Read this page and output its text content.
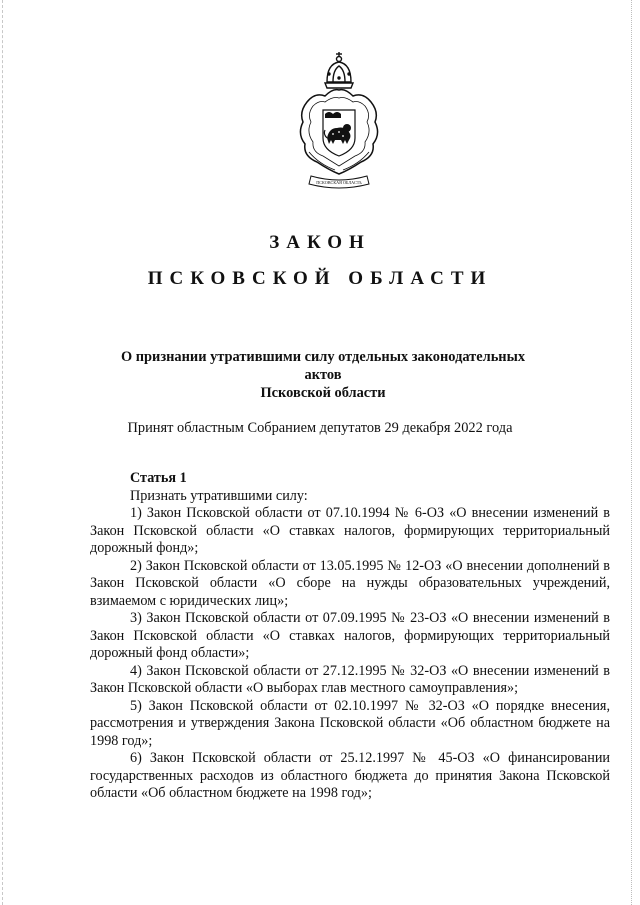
ПСКОВСКАЯ ОБЛАСТЬ
ЗАКОН
ПСКОВСКОЙ ОБЛАСТИ
О признании утратившими силу отдельных законодательных актов
Псковской области
Принят областным Собранием депутатов 29 декабря 2022 года

Статья 1

Признать утратившими силу:

1) Закон Псковской области от 07.10.1994 № 6-ОЗ «О внесении изменений в Закон Псковской области «О ставках налогов, формирующих территориальный дорожный фонд»;
2) Закон Псковской области от 13.05.1995 № 12-ОЗ «О внесении дополнений в Закон Псковской области «О сборе на нужды образовательных учреждений, взимаемом с юридических лиц»;
3) Закон Псковской области от 07.09.1995 № 23-ОЗ «О внесении изменений в Закон Псковской области «О ставках налогов, формирующих территориальный дорожный фонд области»;
4) Закон Псковской области от 27.12.1995 № 32-ОЗ «О внесении изменений в Закон Псковской области «О выборах глав местного самоуправления»;
5) Закон Псковской области от 02.10.1997 № 32-ОЗ «О порядке внесения, рассмотрения и утверждения Закона Псковской области «Об областном бюджете на 1998 год»;
6) Закон Псковской области от 25.12.1997 № 45-ОЗ «О финансировании государственных расходов из областного бюджета до принятия Закона Псковской области «Об областном бюджете на 1998 год»;
